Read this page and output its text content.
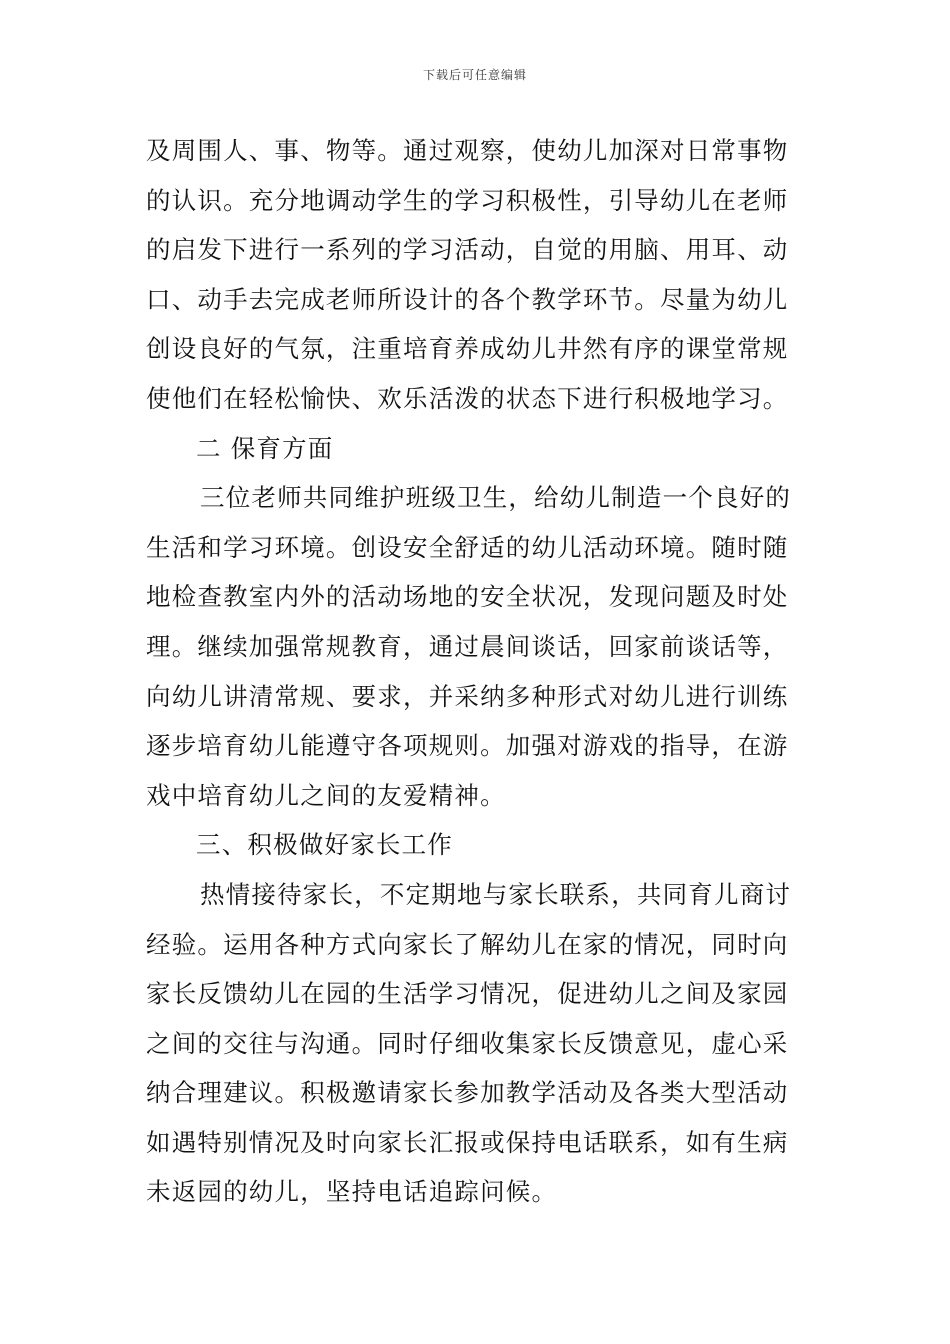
下载后可任意编辑
及周围人、事、物等。通过观察，使幼儿加深对日常事物
的认识。充分地调动学生的学习积极性，引导幼儿在老师
的启发下进行一系列的学习活动，自觉的用脑、用耳、动
口、动手去完成老师所设计的各个教学环节。尽量为幼儿
创设良好的气氛，注重培育养成幼儿井然有序的课堂常规
使他们在轻松愉快、欢乐活泼的状态下进行积极地学习。
二 保育方面
三位老师共同维护班级卫生，给幼儿制造一个良好的
生活和学习环境。创设安全舒适的幼儿活动环境。随时随
地检查教室内外的活动场地的安全状况，发现问题及时处
理。继续加强常规教育，通过晨间谈话，回家前谈话等，
向幼儿讲清常规、要求，并采纳多种形式对幼儿进行训练
逐步培育幼儿能遵守各项规则。加强对游戏的指导，在游
戏中培育幼儿之间的友爱精神。
三、积极做好家长工作
热情接待家长，不定期地与家长联系，共同育儿商讨
经验。运用各种方式向家长了解幼儿在家的情况，同时向
家长反馈幼儿在园的生活学习情况，促进幼儿之间及家园
之间的交往与沟通。同时仔细收集家长反馈意见，虚心采
纳合理建议。积极邀请家长参加教学活动及各类大型活动
如遇特别情况及时向家长汇报或保持电话联系，如有生病
未返园的幼儿，坚持电话追踪问候。
